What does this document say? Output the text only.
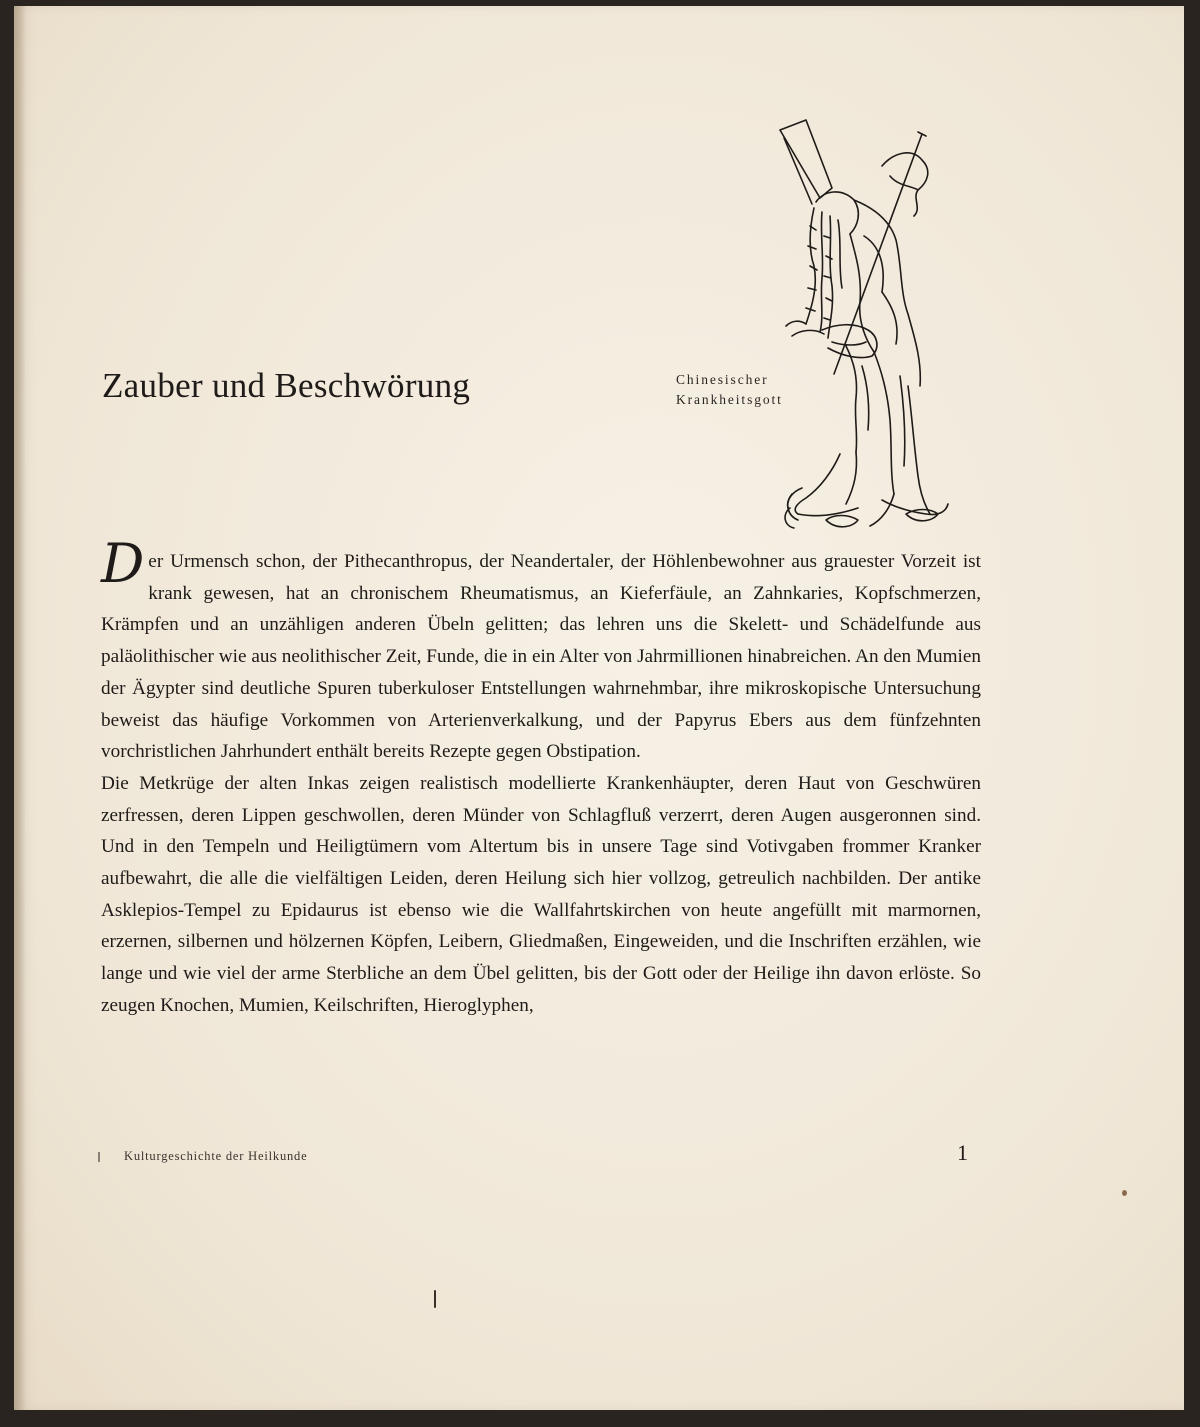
Chinesischer
Krankheitsgott
Zauber und Beschwörung

Der Urmensch schon, der Pithecanthropus, der Neandertaler, der Höhlenbewohner aus grauester Vorzeit ist krank gewesen, hat an chronischem Rheumatismus, an Kieferfäule, an Zahnkaries, Kopfschmerzen, Krämpfen und an unzähligen anderen Übeln gelitten; das lehren uns die Skelett- und Schädelfunde aus paläolithischer wie aus neolithischer Zeit, Funde, die in ein Alter von Jahrmillionen hinabreichen. An den Mumien der Ägypter sind deutliche Spuren tuberkuloser Entstellungen wahrnehmbar, ihre mikroskopische Untersuchung beweist das häufige Vorkommen von Arterienverkalkung, und der Papyrus Ebers aus dem fünfzehnten vorchristlichen Jahrhundert enthält bereits Rezepte gegen Obstipation.

Die Metkrüge der alten Inkas zeigen realistisch modellierte Krankenhäupter, deren Haut von Geschwüren zerfressen, deren Lippen geschwollen, deren Münder von Schlagfluß verzerrt, deren Augen ausgeronnen sind. Und in den Tempeln und Heiligtümern vom Altertum bis in unsere Tage sind Votivgaben frommer Kranker aufbewahrt, die alle die vielfältigen Leiden, deren Heilung sich hier vollzog, getreulich nachbilden. Der antike Asklepios-Tempel zu Epidaurus ist ebenso wie die Wallfahrtskirchen von heute angefüllt mit marmornen, erzernen, silbernen und hölzernen Köpfen, Leibern, Gliedmaßen, Eingeweiden, und die Inschriften erzählen, wie lange und wie viel der arme Sterbliche an dem Übel gelitten, bis der Gott oder der Heilige ihn davon erlöste. So zeugen Knochen, Mumien, Keilschriften, Hieroglyphen,

Kulturgeschichte der Heilkunde	1
